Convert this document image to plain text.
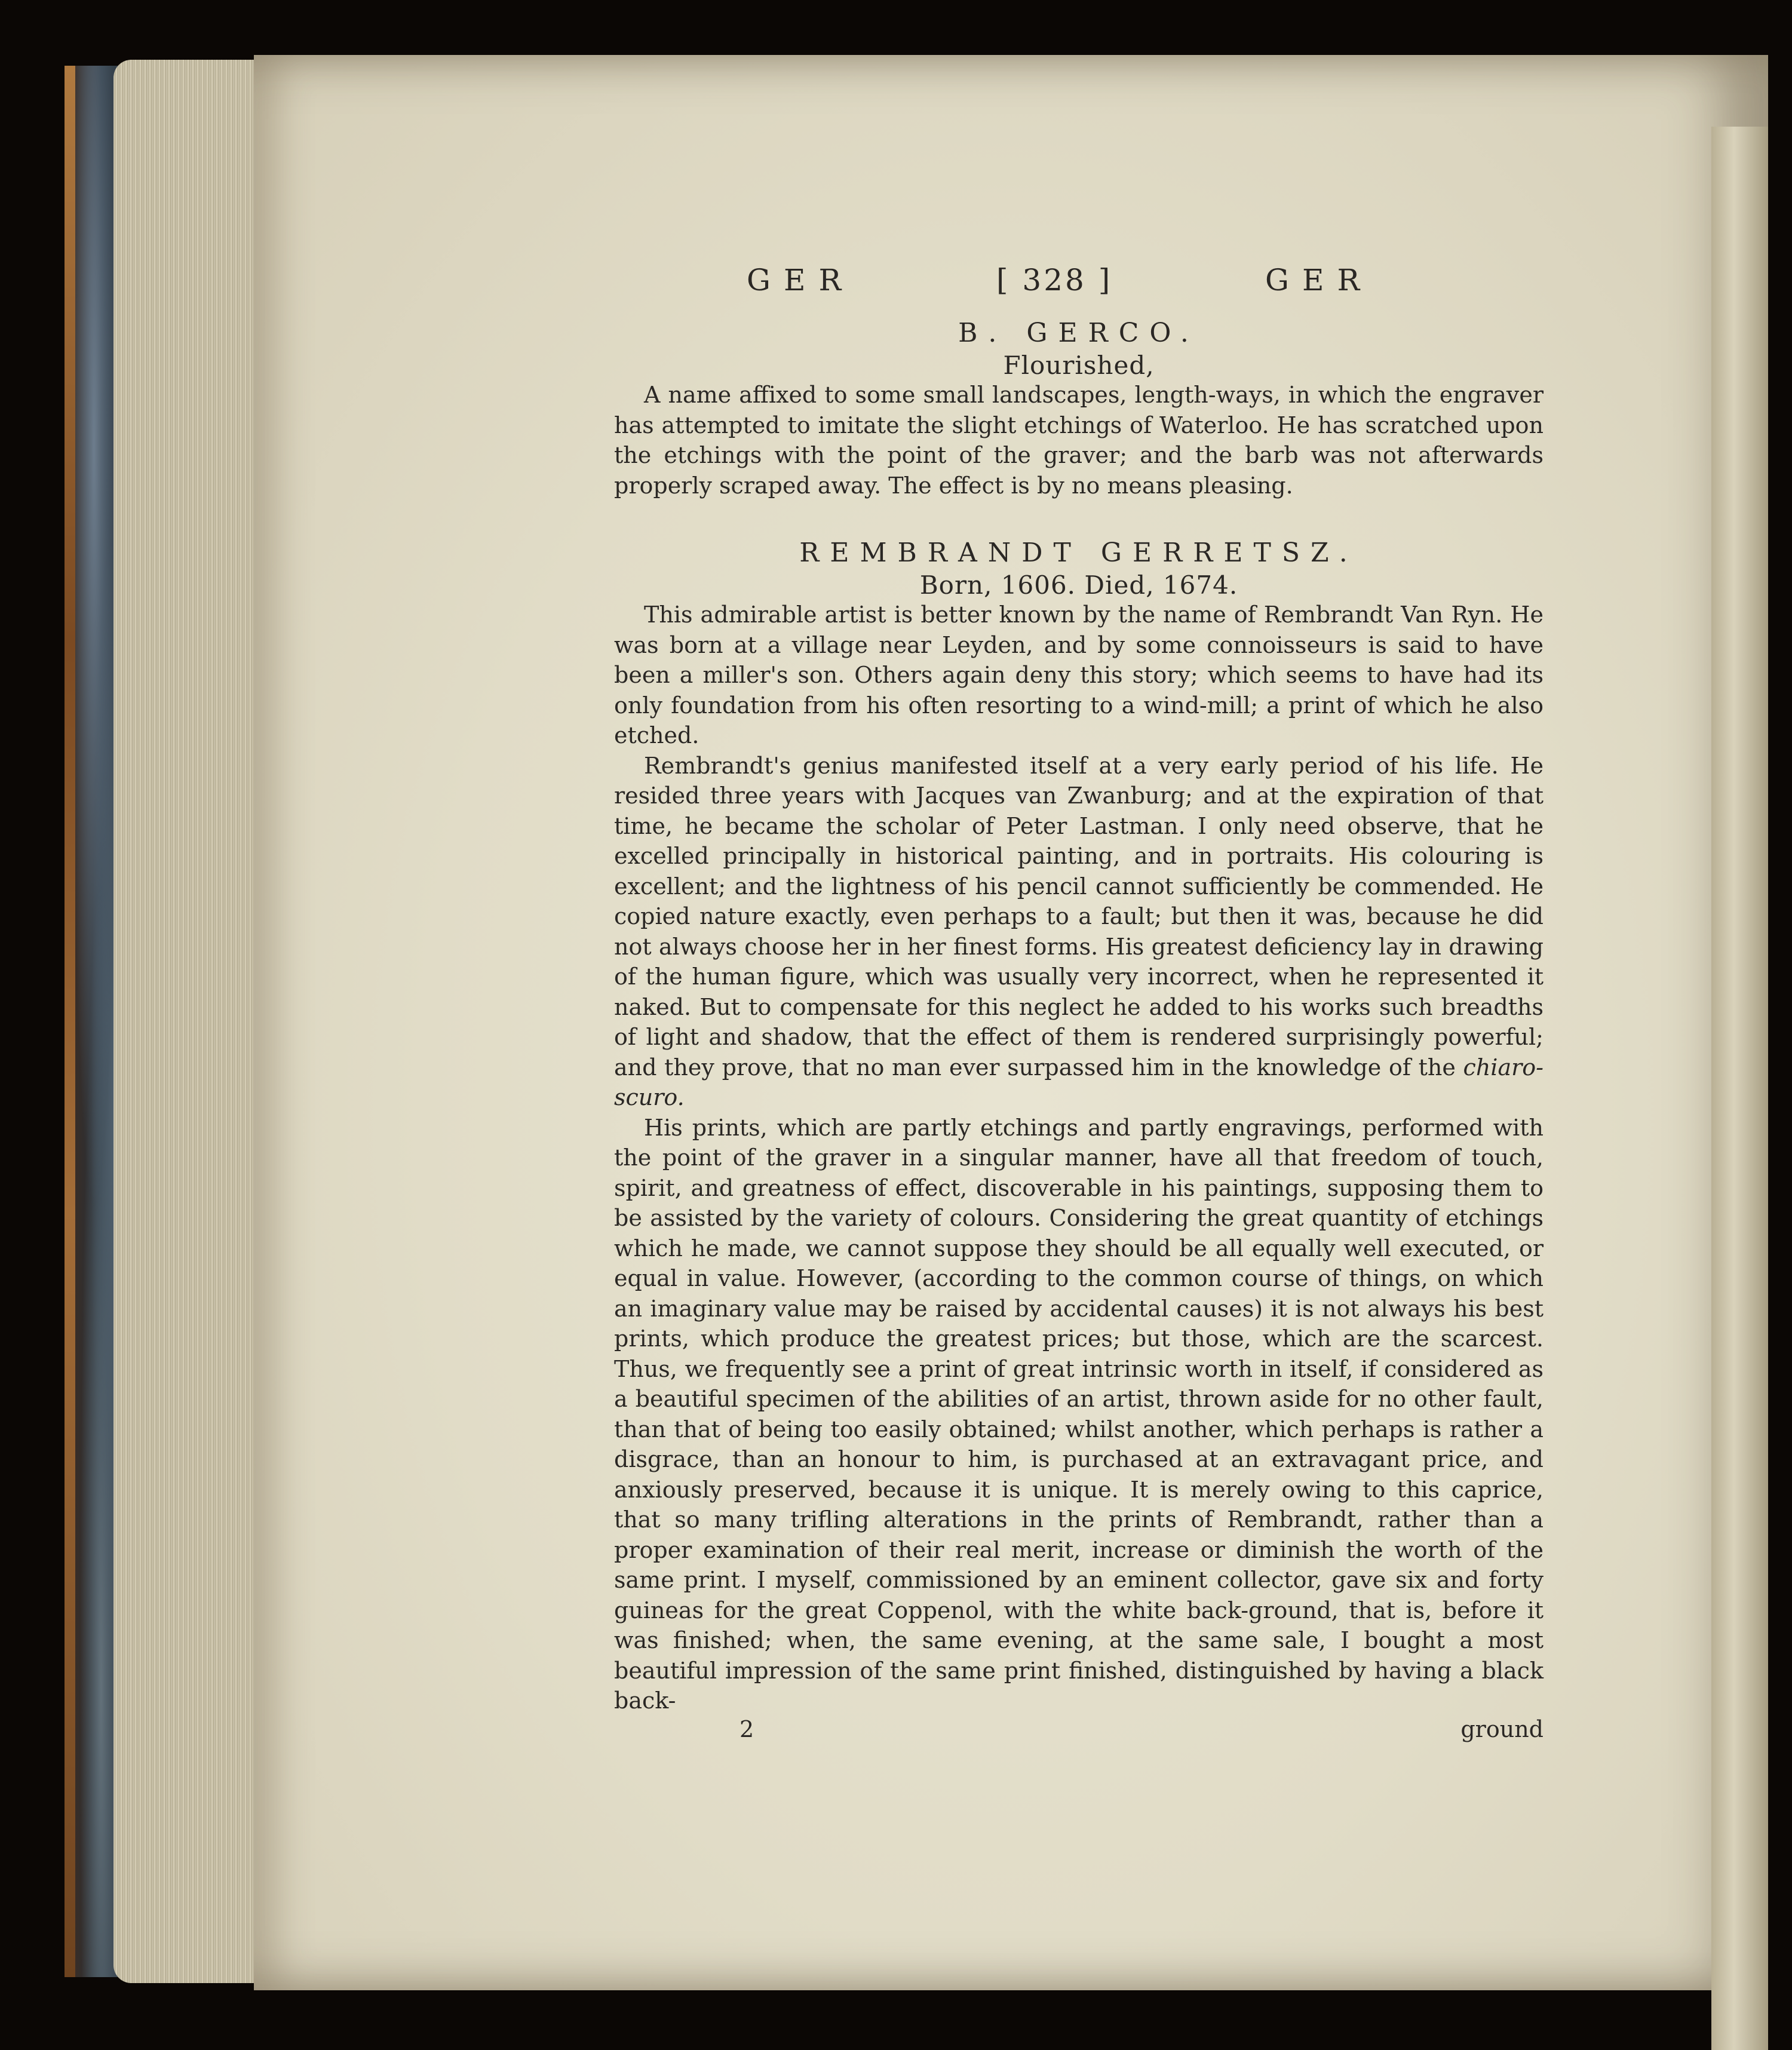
GER	[ 328 ]	GER
B. GERCO.
Flourished,

A name affixed to some small landscapes, length-ways, in which the engraver has attempted to imitate the slight etchings of Waterloo. He has scratched upon the etchings with the point of the graver; and the barb was not afterwards properly scraped away. The effect is by no means pleasing.

REMBRANDT GERRETSZ.
Born, 1606. Died, 1674.

This admirable artist is better known by the name of Rembrandt Van Ryn. He was born at a village near Leyden, and by some connoisseurs is said to have been a miller's son. Others again deny this story; which seems to have had its only foundation from his often resorting to a wind-mill; a print of which he also etched.

Rembrandt's genius manifested itself at a very early period of his life. He resided three years with Jacques van Zwanburg; and at the expiration of that time, he became the scholar of Peter Lastman. I only need observe, that he excelled principally in historical painting, and in portraits. His colouring is excellent; and the lightness of his pencil cannot sufficiently be commended. He copied nature exactly, even perhaps to a fault; but then it was, because he did not always choose her in her finest forms. His greatest deficiency lay in drawing of the human figure, which was usually very incorrect, when he represented it naked. But to compensate for this neglect he added to his works such breadths of light and shadow, that the effect of them is rendered surprisingly powerful; and they prove, that no man ever surpassed him in the knowledge of the chiaro-scuro.

His prints, which are partly etchings and partly engravings, performed with the point of the graver in a singular manner, have all that freedom of touch, spirit, and greatness of effect, discoverable in his paintings, supposing them to be assisted by the variety of colours. Considering the great quantity of etchings which he made, we cannot suppose they should be all equally well executed, or equal in value. However, (according to the common course of things, on which an imaginary value may be raised by accidental causes) it is not always his best prints, which produce the greatest prices; but those, which are the scarcest. Thus, we frequently see a print of great intrinsic worth in itself, if considered as a beautiful specimen of the abilities of an artist, thrown aside for no other fault, than that of being too easily obtained; whilst another, which perhaps is rather a disgrace, than an honour to him, is purchased at an extravagant price, and anxiously preserved, because it is unique. It is merely owing to this caprice, that so many trifling alterations in the prints of Rembrandt, rather than a proper examination of their real merit, increase or diminish the worth of the same print. I myself, commissioned by an eminent collector, gave six and forty guineas for the great Coppenol, with the white back-ground, that is, before it was finished; when, the same evening, at the same sale, I bought a most beautiful impression of the same print finished, distinguished by having a black back-

2	ground
